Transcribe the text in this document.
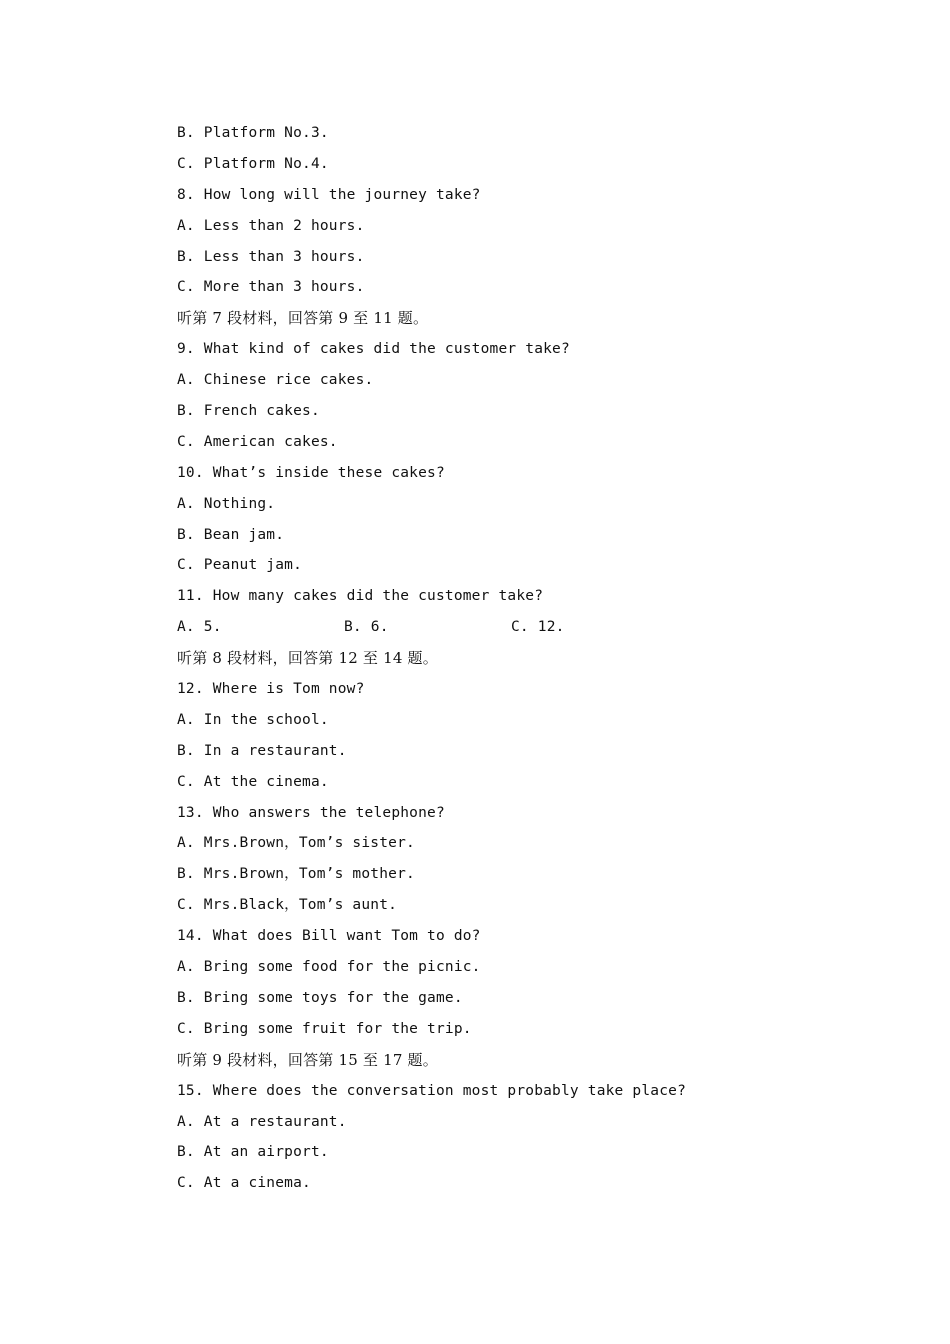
B. Platform No.3.
C. Platform No.4.
8. How long will the journey take?
A. Less than 2 hours.
B. Less than 3 hours.
C. More than 3 hours.
听第 7 段材料，回答第 9 至 11 题。
9. What kind of cakes did the customer take?
A. Chinese rice cakes.
B. French cakes.
C. American cakes.
10. What’s inside these cakes?
A. Nothing.
B. Bean jam.
C. Peanut jam.
11. How many cakes did the customer take?
A. 5.	B. 6.	C. 12.
听第 8 段材料，回答第 12 至 14 题。
12. Where is Tom now?
A. In the school.
B. In a restaurant.
C. At the cinema.
13. Who answers the telephone?
A. Mrs.Brown，Tom’s sister.
B. Mrs.Brown，Tom’s mother.
C. Mrs.Black，Tom’s aunt.
14. What does Bill want Tom to do?
A. Bring some food for the picnic.
B. Bring some toys for the game.
C. Bring some fruit for the trip.
听第 9 段材料，回答第 15 至 17 题。
15. Where does the conversation most probably take place?
A. At a restaurant.
B. At an airport.
C. At a cinema.
